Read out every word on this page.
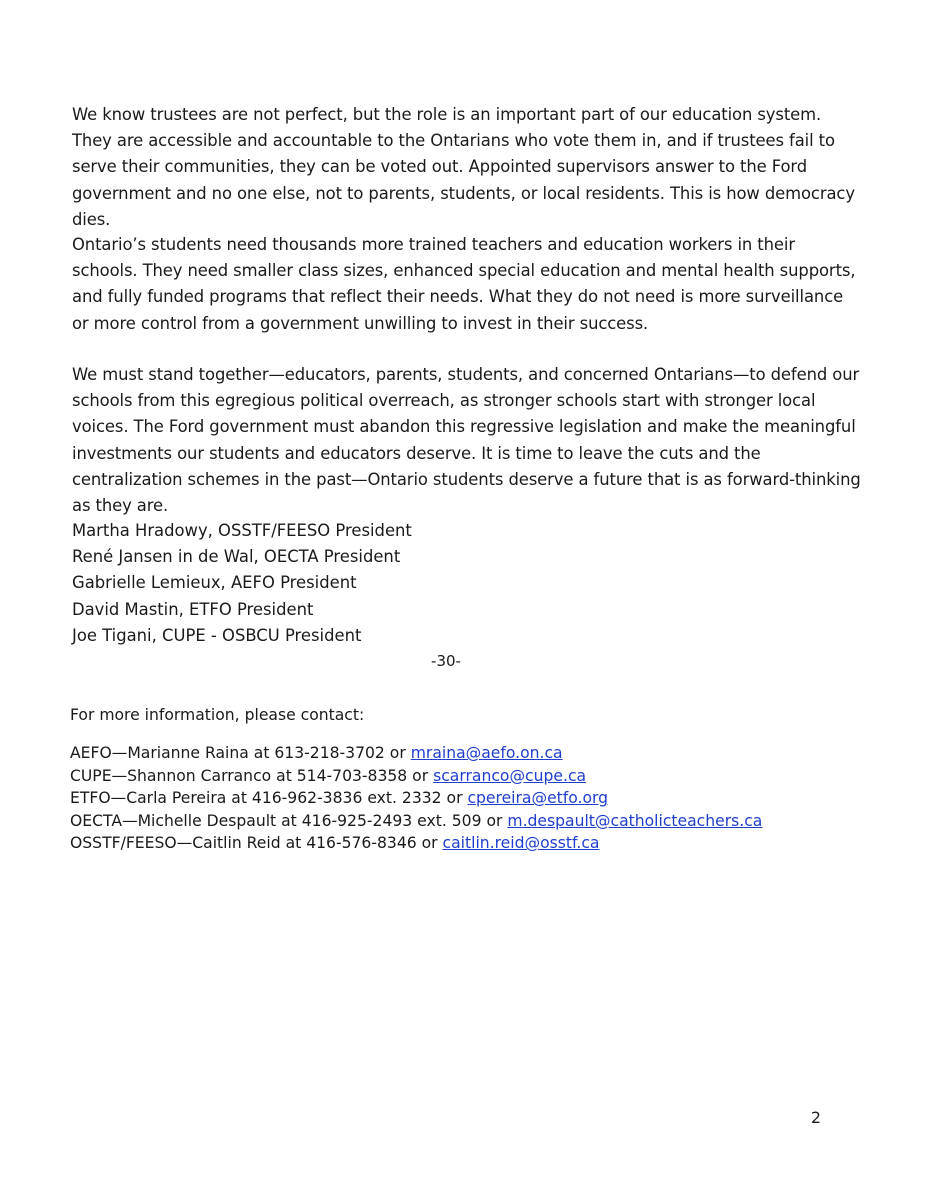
We know trustees are not perfect, but the role is an important part of our education system. They are accessible and accountable to the Ontarians who vote them in, and if trustees fail to serve their communities, they can be voted out. Appointed supervisors answer to the Ford government and no one else, not to parents, students, or local residents. This is how democracy dies.

Ontario’s students need thousands more trained teachers and education workers in their schools. They need smaller class sizes, enhanced special education and mental health supports, and fully funded programs that reflect their needs. What they do not need is more surveillance or more control from a government unwilling to invest in their success.

We must stand together—educators, parents, students, and concerned Ontarians—to defend our schools from this egregious political overreach, as stronger schools start with stronger local voices. The Ford government must abandon this regressive legislation and make the meaningful investments our students and educators deserve. It is time to leave the cuts and the centralization schemes in the past—Ontario students deserve a future that is as forward-thinking as they are.

Martha Hradowy, OSSTF/FEESO President
René Jansen in de Wal, OECTA President
Gabrielle Lemieux, AEFO President
David Mastin, ETFO President
Joe Tigani, CUPE - OSBCU President
-30-
For more information, please contact:
AEFO—Marianne Raina at 613-218-3702 or mraina@aefo.on.ca
CUPE—Shannon Carranco at 514-703-8358 or scarranco@cupe.ca
ETFO—Carla Pereira at 416-962-3836 ext. 2332 or cpereira@etfo.org
OECTA—Michelle Despault at 416-925-2493 ext. 509 or m.despault@catholicteachers.ca
OSSTF/FEESO—Caitlin Reid at 416-576-8346 or caitlin.reid@osstf.ca
2
